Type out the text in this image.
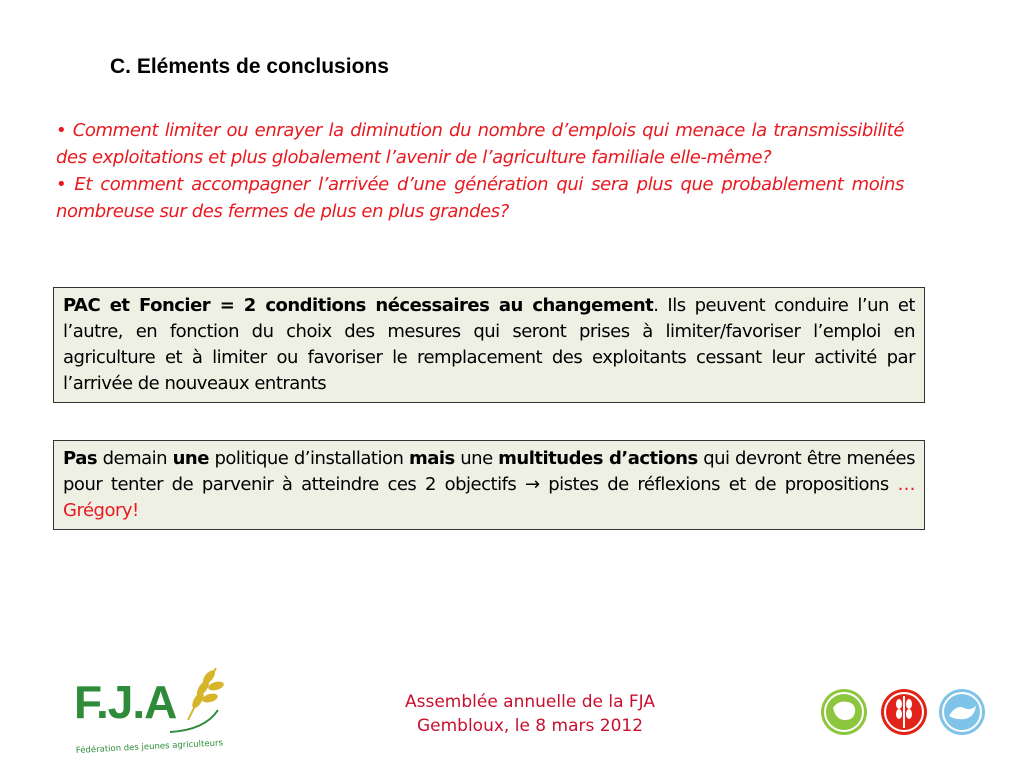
C. Eléments de conclusions

• Comment limiter ou enrayer la diminution du nombre d’emplois qui menace la transmissibilité des exploitations et plus globalement l’avenir de l’agriculture familiale elle-même?

• Et comment accompagner l’arrivée d’une génération qui sera plus que probablement moins nombreuse sur des fermes de plus en plus grandes?

PAC et Foncier = 2 conditions nécessaires au changement. Ils peuvent conduire l’un et l’autre, en fonction du choix des mesures qui seront prises à limiter/favoriser l’emploi en agriculture et à limiter ou favoriser le remplacement des exploitants cessant leur activité par l’arrivée de nouveaux entrants
Pas demain une politique d’installation mais une multitudes d’actions qui devront être menées pour tenter de parvenir à atteindre ces 2 objectifs → pistes de réflexions et de propositions … Grégory!
F.J.A
Fédération des jeunes agriculteurs
Assemblée annuelle de la FJA
Gembloux, le 8 mars 2012
